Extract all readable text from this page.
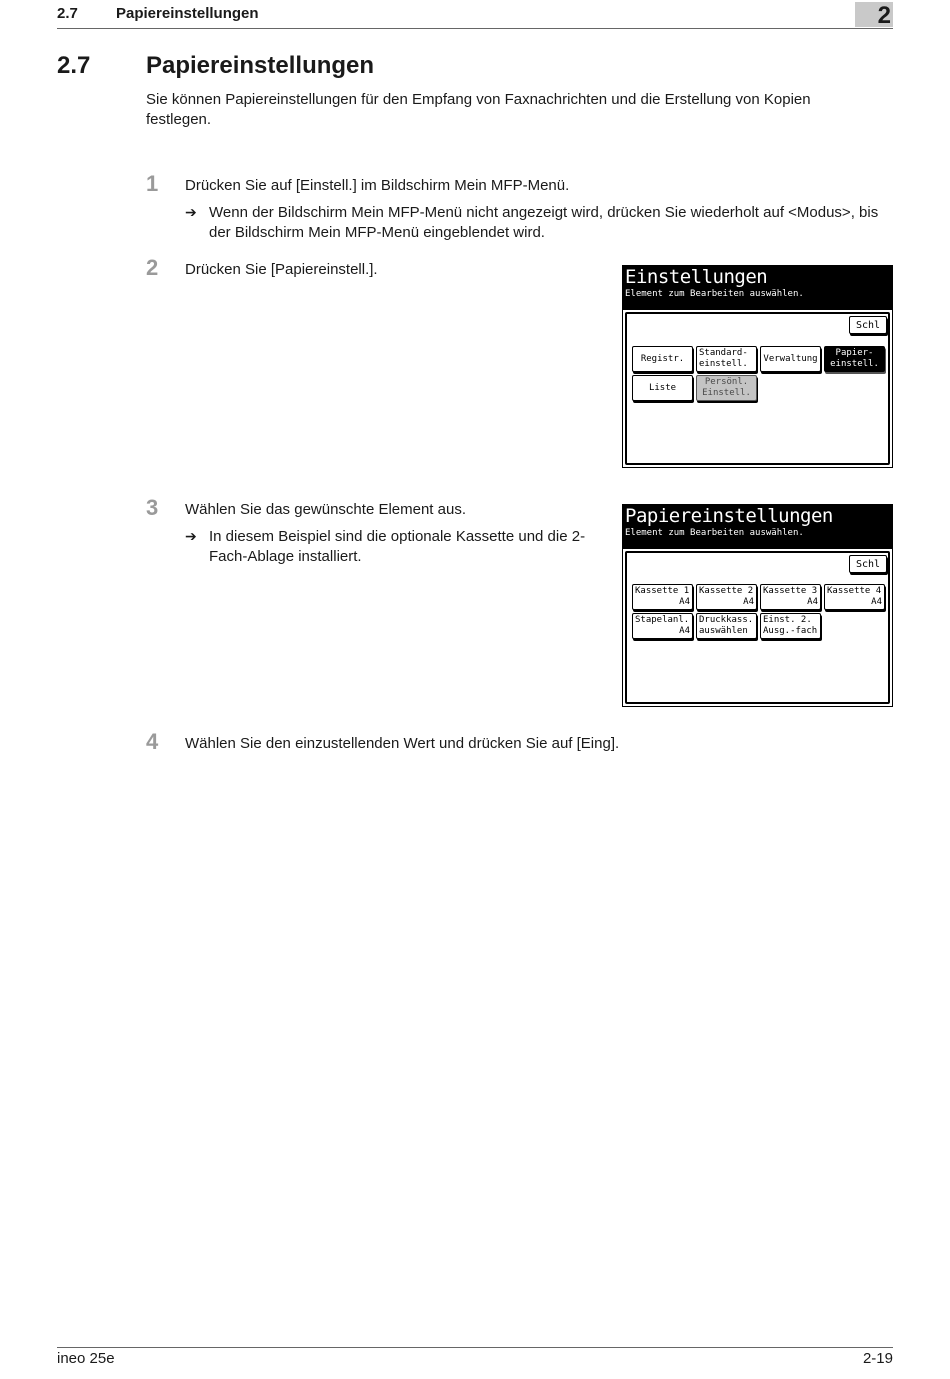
2.7	Papiereinstellungen	2
2.7 Papiereinstellungen
Sie können Papiereinstellungen für den Empfang von Faxnachrichten und die Erstellung von Kopien festlegen.
1 Drücken Sie auf [Einstell.] im Bildschirm Mein MFP-Menü.
➔ Wenn der Bildschirm Mein MFP-Menü nicht angezeigt wird, drücken Sie wiederholt auf <Modus>, bis der Bildschirm Mein MFP-Menü eingeblendet wird.
2 Drücken Sie [Papiereinstell.].	Einstellungen
Element zum Bearbeiten auswählen.
Schl
Registr.
Standard-
einstell.
Verwaltung
Papier-
einstell.
Liste
Persönl.
Einstell.
3 Wählen Sie das gewünschte Element aus.
➔ In diesem Beispiel sind die optionale Kassette und die 2-Fach-Ablage installiert.
Papiereinstellungen
Element zum Bearbeiten auswählen.
Schl
Kassette 1
A4
Kassette 2
A4
Kassette 3
A4
Kassette 4
A4
Stapelanl.
A4
Druckkass.
auswählen
Einst. 2.
Ausg.-fach
4 Wählen Sie den einzustellenden Wert und drücken Sie auf [Eing].
ineo 25e	2-19
